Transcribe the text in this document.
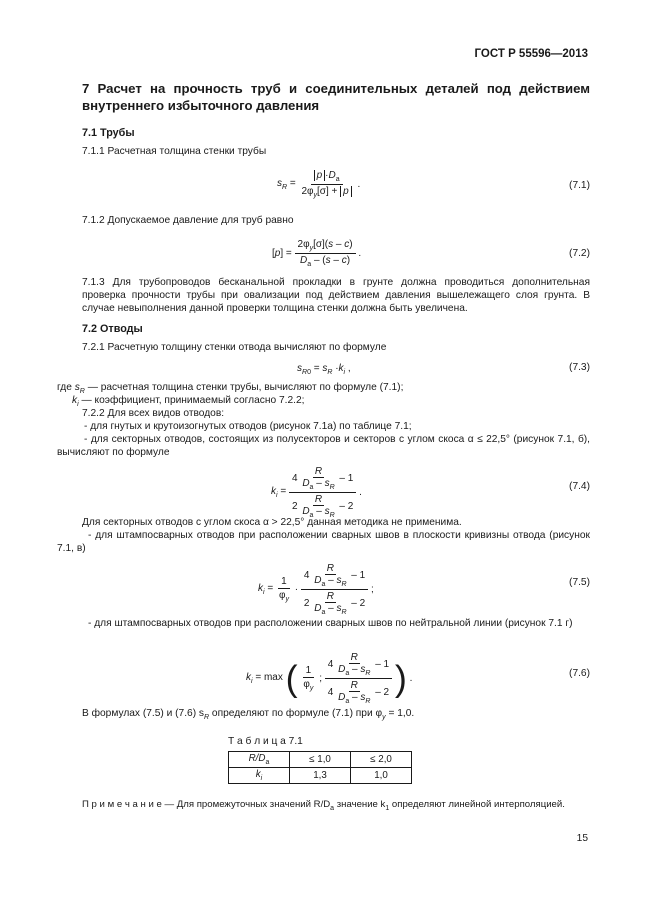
ГОСТ Р 55596—2013
7 Расчет на прочность труб и соединительных деталей под действием внутреннего избыточного давления
7.1 Трубы
7.1.1 Расчетная толщина стенки трубы
$s_R = \frac{p \cdot D_a}{2\varphi_y[\sigma] + p}$ .	(7.1)
7.1.2 Допускаемое давление для труб равно
$[p] = \frac{2\varphi_y[\sigma](s - c)}{D_a - (s - c)}$ .	(7.2)
7.1.3 Для трубопроводов бесканальной прокладки в грунте должна проводиться дополнительная проверка прочности трубы при овализации под действием давления вышележащего слоя грунта. В случае невыполнения данной проверки толщина стенки должна быть увеличена.
7.2 Отводы
7.2.1 Расчетную толщину стенки отвода вычисляют по формуле
$s_{R0} = s_R \cdot k_i$ ,	(7.3)
где $s_R$ — расчетная толщина стенки трубы, вычисляют по формуле (7.1);
$k_i$ — коэффициент, принимаемый согласно 7.2.2;
7.2.2 Для всех видов отводов:
- для гнутых и крутоизогнутых отводов (рисунок 7.1а) по таблице 7.1;
- для секторных отводов, состоящих из полусекторов и секторов с углом скоса α ≤ 22,5° (рисунок 7.1, б), вычисляют по формуле
$k_i = \frac{4 \frac{R}{D_a - s_R} - 1}{2 \frac{R}{D_a - s_R} - 2}$ .
(7.4)
Для секторных отводов с углом скоса α > 22,5° данная методика не применима.
- для штампосварных отводов при расположении сварных швов в плоскости кривизны отвода (рисунок 7.1, в)
$k_i = \frac{1}{\varphi_y} \cdot \frac{4 \frac{R}{D_a - s_R} - 1}{2 \frac{R}{D_a - s_R} - 2}$ ;
(7.5)
- для штампосварных отводов при расположении сварных швов по нейтральной линии (рисунок 7.1 г)
$k_i = \max$ ( $\frac{1}{\varphi_y}$ ; $\frac{4 \frac{R}{D_a - s_R} - 1}{4 \frac{R}{D_a - s_R} - 2}$ ) .	(7.6)
В формулах (7.5) и (7.6) $s_R$ определяют по формуле (7.1) при $\varphi_y = 1,0$.
Т а б л и ц а 7.1
$R/D_a$	≤ 1,0	≤ 2,0
$k_i$	1,3	1,0
П р и м е ч а н и е — Для промежуточных значений $R/D_a$ значение $k_1$ определяют линейной интерполяцией.
15
